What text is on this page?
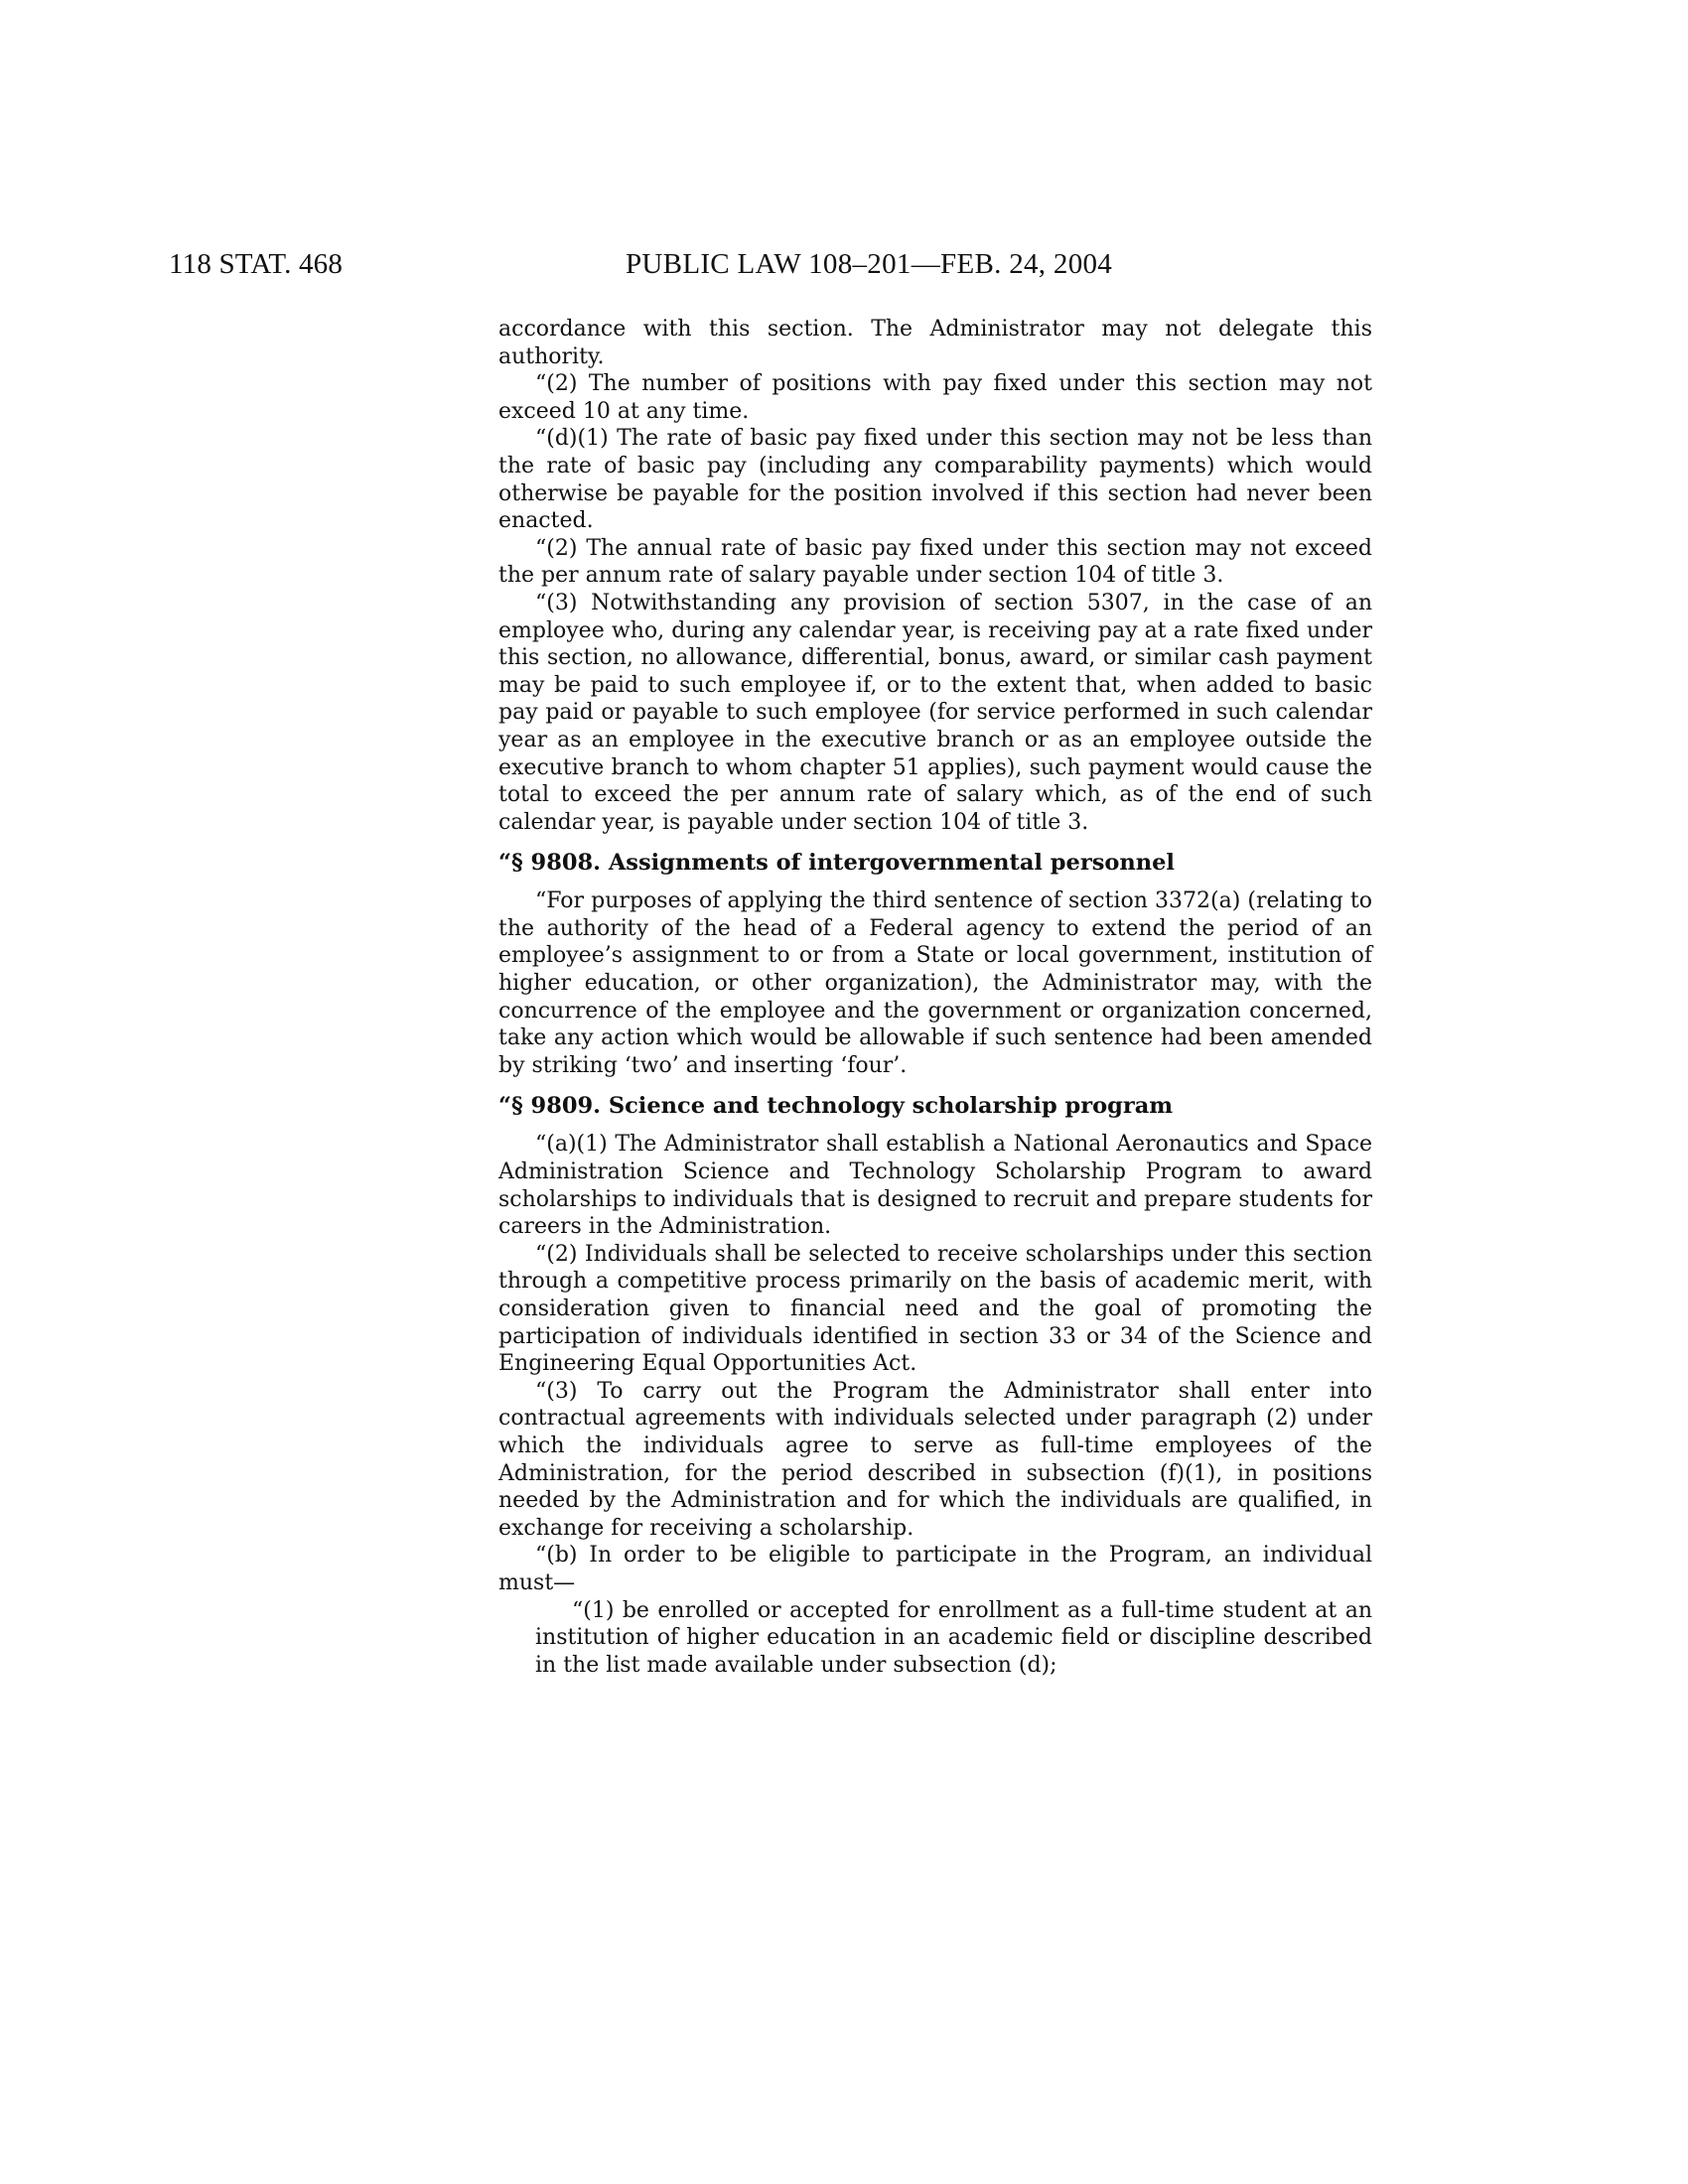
118 STAT. 468	PUBLIC LAW 108–201—FEB. 24, 2004

accordance with this section. The Administrator may not delegate this authority.

“(2) The number of positions with pay fixed under this section may not exceed 10 at any time.

“(d)(1) The rate of basic pay fixed under this section may not be less than the rate of basic pay (including any comparability payments) which would otherwise be payable for the position involved if this section had never been enacted.

“(2) The annual rate of basic pay fixed under this section may not exceed the per annum rate of salary payable under section 104 of title 3.

“(3) Notwithstanding any provision of section 5307, in the case of an employee who, during any calendar year, is receiving pay at a rate fixed under this section, no allowance, differential, bonus, award, or similar cash payment may be paid to such employee if, or to the extent that, when added to basic pay paid or payable to such employee (for service performed in such calendar year as an employee in the executive branch or as an employee outside the executive branch to whom chapter 51 applies), such payment would cause the total to exceed the per annum rate of salary which, as of the end of such calendar year, is payable under section 104 of title 3.

“§ 9808. Assignments of intergovernmental personnel

“For purposes of applying the third sentence of section 3372(a) (relating to the authority of the head of a Federal agency to extend the period of an employee’s assignment to or from a State or local government, institution of higher education, or other organization), the Administrator may, with the concurrence of the employee and the government or organization concerned, take any action which would be allowable if such sentence had been amended by striking ‘two’ and inserting ‘four’.

“§ 9809. Science and technology scholarship program

“(a)(1) The Administrator shall establish a National Aeronautics and Space Administration Science and Technology Scholarship Program to award scholarships to individuals that is designed to recruit and prepare students for careers in the Administration.

“(2) Individuals shall be selected to receive scholarships under this section through a competitive process primarily on the basis of academic merit, with consideration given to financial need and the goal of promoting the participation of individuals identified in section 33 or 34 of the Science and Engineering Equal Opportunities Act.

“(3) To carry out the Program the Administrator shall enter into contractual agreements with individuals selected under paragraph (2) under which the individuals agree to serve as full-time employees of the Administration, for the period described in subsection (f)(1), in positions needed by the Administration and for which the individuals are qualified, in exchange for receiving a scholarship.

“(b) In order to be eligible to participate in the Program, an individual must—

“(1) be enrolled or accepted for enrollment as a full-time student at an institution of higher education in an academic field or discipline described in the list made available under subsection (d);
